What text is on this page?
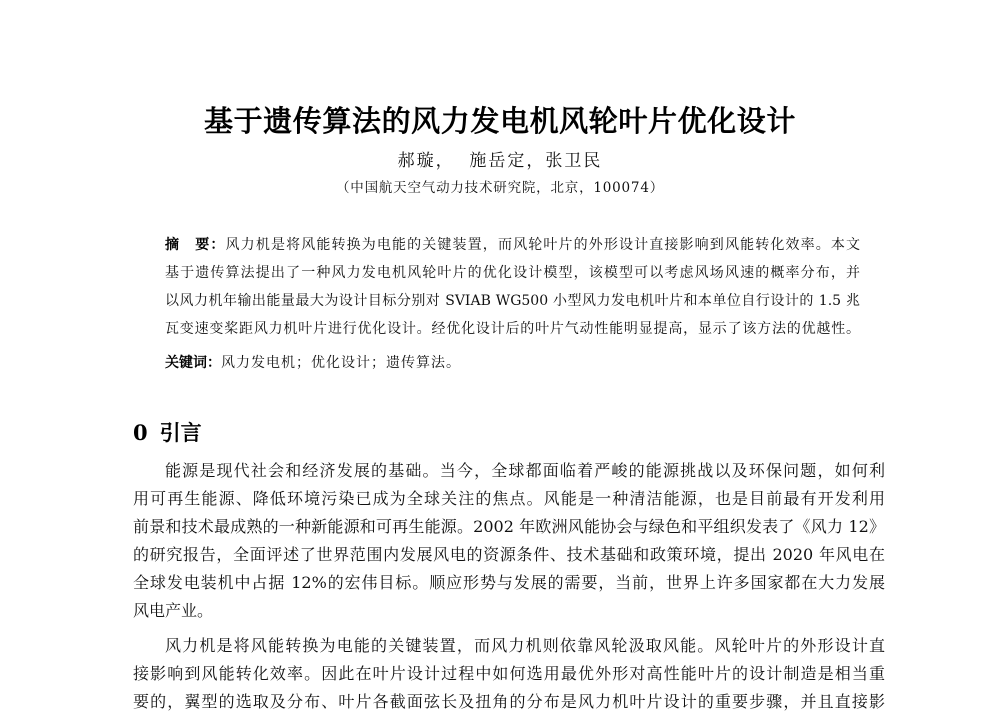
基于遗传算法的风力发电机风轮叶片优化设计
郝璇，  施岳定，张卫民
（中国航天空气动力技术研究院，北京，100074）
摘　要：风力机是将风能转换为电能的关键装置，而风轮叶片的外形设计直接影响到风能转化效率。本文
基于遗传算法提出了一种风力发电机风轮叶片的优化设计模型，该模型可以考虑风场风速的概率分布，并
以风力机年输出能量最大为设计目标分别对 SVIAB WG500 小型风力发电机叶片和本单位自行设计的 1.5 兆
瓦变速变桨距风力机叶片进行优化设计。经优化设计后的叶片气动性能明显提高，显示了该方法的优越性。
关键词：风力发电机；优化设计；遗传算法。
0 引言
能源是现代社会和经济发展的基础。当今，全球都面临着严峻的能源挑战以及环保问题，如何利
用可再生能源、降低环境污染已成为全球关注的焦点。风能是一种清洁能源，也是目前最有开发利用
前景和技术最成熟的一种新能源和可再生能源。2002 年欧洲风能协会与绿色和平组织发表了《风力 12》
的研究报告，全面评述了世界范围内发展风电的资源条件、技术基础和政策环境，提出 2020 年风电在
全球发电装机中占据 12%的宏伟目标。顺应形势与发展的需要，当前，世界上许多国家都在大力发展
风电产业。
风力机是将风能转换为电能的关键装置，而风力机则依靠风轮汲取风能。风轮叶片的外形设计直
接影响到风能转化效率。因此在叶片设计过程中如何选用最优外形对高性能叶片的设计制造是相当重
要的，翼型的选取及分布、叶片各截面弦长及扭角的分布是风力机叶片设计的重要步骤，并且直接影
